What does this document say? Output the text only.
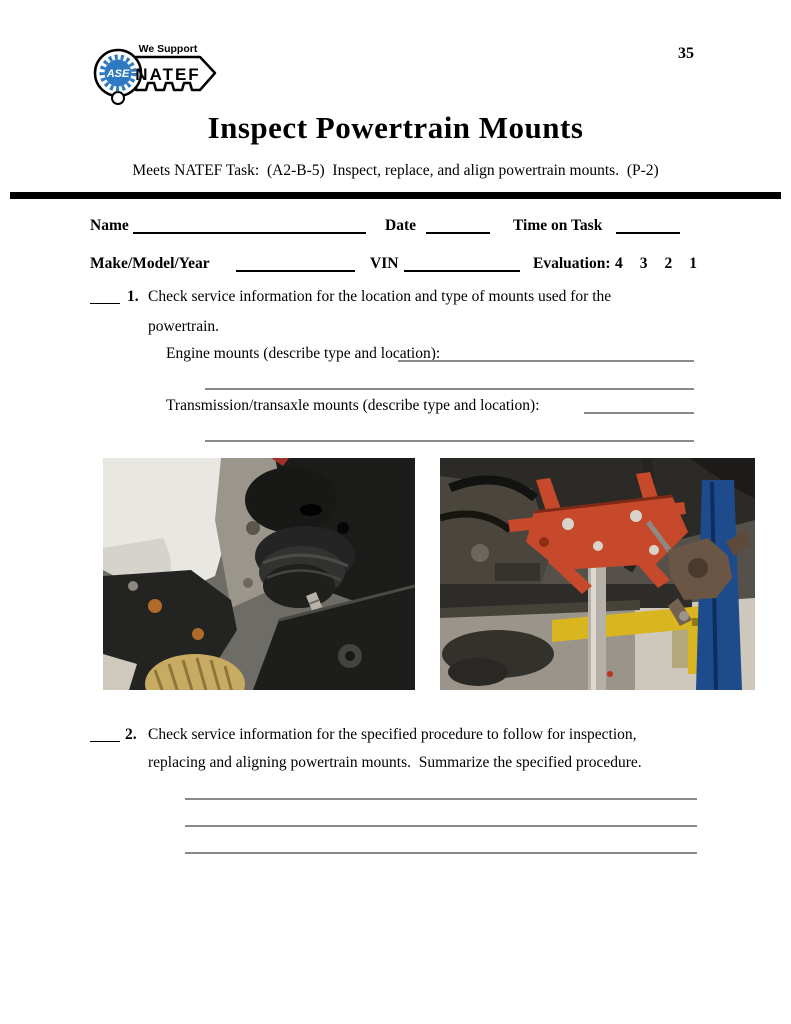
ASE
We Support
NATEF
35
Inspect Powertrain Mounts
Meets NATEF Task:  (A2-B-5)  Inspect, replace, and align powertrain mounts.  (P-2)
Name	Date	Time on Task
Make/Model/Year	VIN	Evaluation: 4 3 2 1
1. Check service information for the location and type of mounts used for the
powertrain.
Engine mounts (describe type and location):
Transmission/transaxle mounts (describe type and location):
2. Check service information for the specified procedure to follow for inspection,
replacing and aligning powertrain mounts.  Summarize the specified procedure.
